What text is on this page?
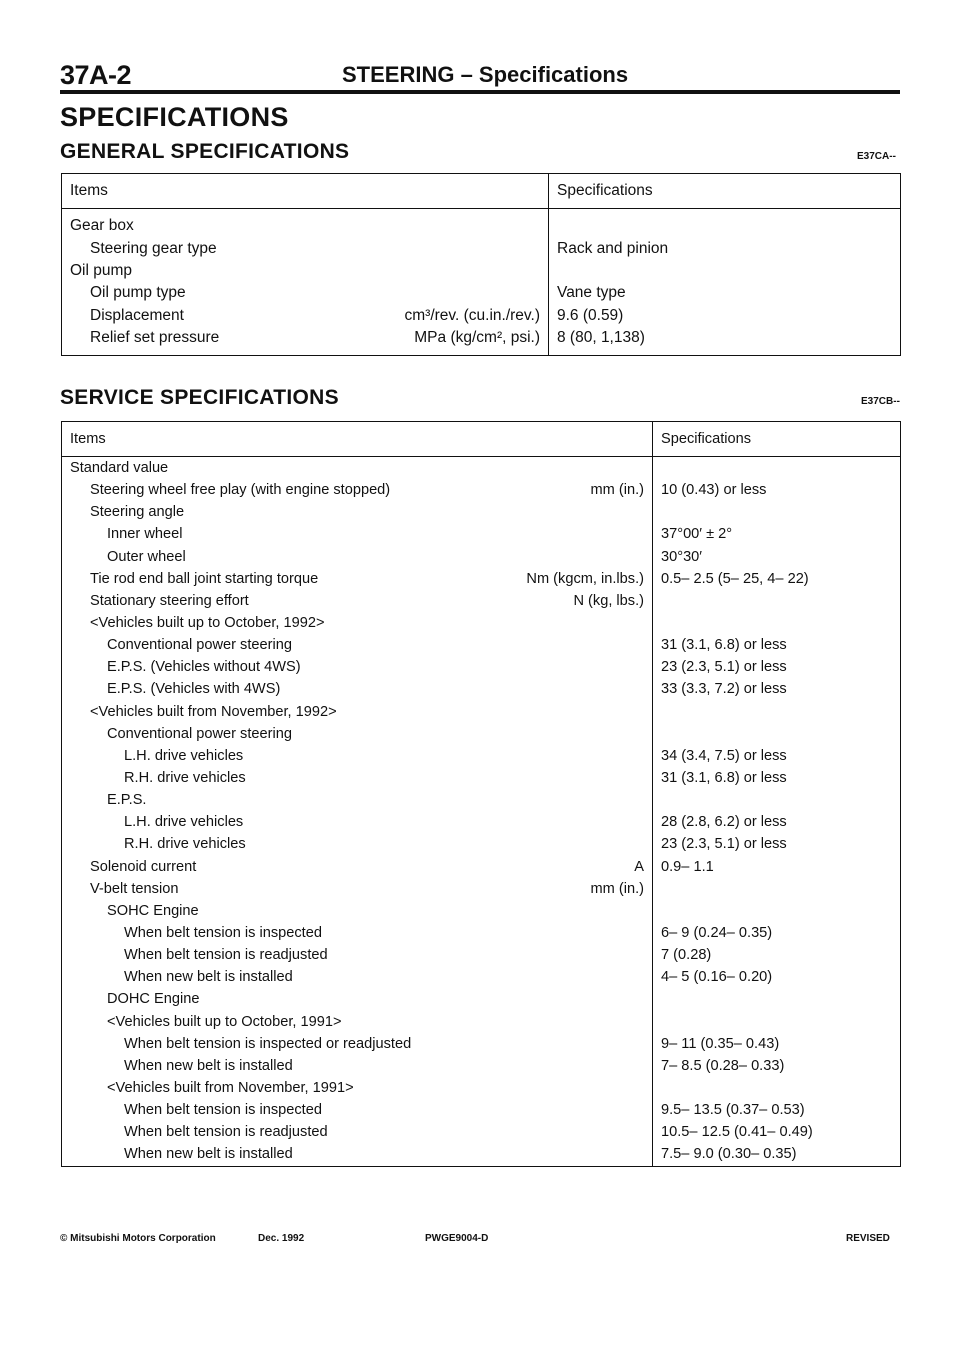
37A-2	STEERING – Specifications
SPECIFICATIONS
GENERAL SPECIFICATIONS	E37CA--
Items	Specifications

Gear box	
Steering gear type	Rack and pinion
Oil pump	
Oil pump type	Vane type
Displacement cm³/rev. (cu.in./rev.)	9.6 (0.59)
Relief set pressure MPa (kg/cm², psi.)	8 (80, 1,138)

SERVICE SPECIFICATIONS	E37CB--
Items	Specifications
Standard value	
Steering wheel free play (with engine stopped) mm (in.)	10 (0.43) or less
Steering angle	
Inner wheel	37°00′ ± 2°
Outer wheel	30°30′
Tie rod end ball joint starting torque Nm (kgcm, in.lbs.)	0.5– 2.5 (5– 25, 4– 22)
Stationary steering effort N (kg, lbs.)	

<Vehicles built up to October, 1992>	
Conventional power steering	31 (3.1, 6.8) or less
E.P.S. (Vehicles without 4WS)	23 (2.3, 5.1) or less
E.P.S. (Vehicles with 4WS)	33 (3.3, 7.2) or less
<Vehicles built from November, 1992>	
Conventional power steering	
L.H. drive vehicles	34 (3.4, 7.5) or less
R.H. drive vehicles	31 (3.1, 6.8) or less
E.P.S.	
L.H. drive vehicles	28 (2.8, 6.2) or less
R.H. drive vehicles	23 (2.3, 5.1) or less
Solenoid current A	0.9– 1.1
V-belt tension mm (in.)	

SOHC Engine	
When belt tension is inspected	6– 9 (0.24– 0.35)
When belt tension is readjusted	7 (0.28)
When new belt is installed	4– 5 (0.16– 0.20)
DOHC Engine	
<Vehicles built up to October, 1991>	
When belt tension is inspected or readjusted	9– 11 (0.35– 0.43)
When new belt is installed	7– 8.5 (0.28– 0.33)
<Vehicles built from November, 1991>	
When belt tension is inspected	9.5– 13.5 (0.37– 0.53)
When belt tension is readjusted	10.5– 12.5 (0.41– 0.49)
When new belt is installed	7.5– 9.0 (0.30– 0.35)
© Mitsubishi Motors Corporation	Dec. 1992	PWGE9004-D	REVISED
